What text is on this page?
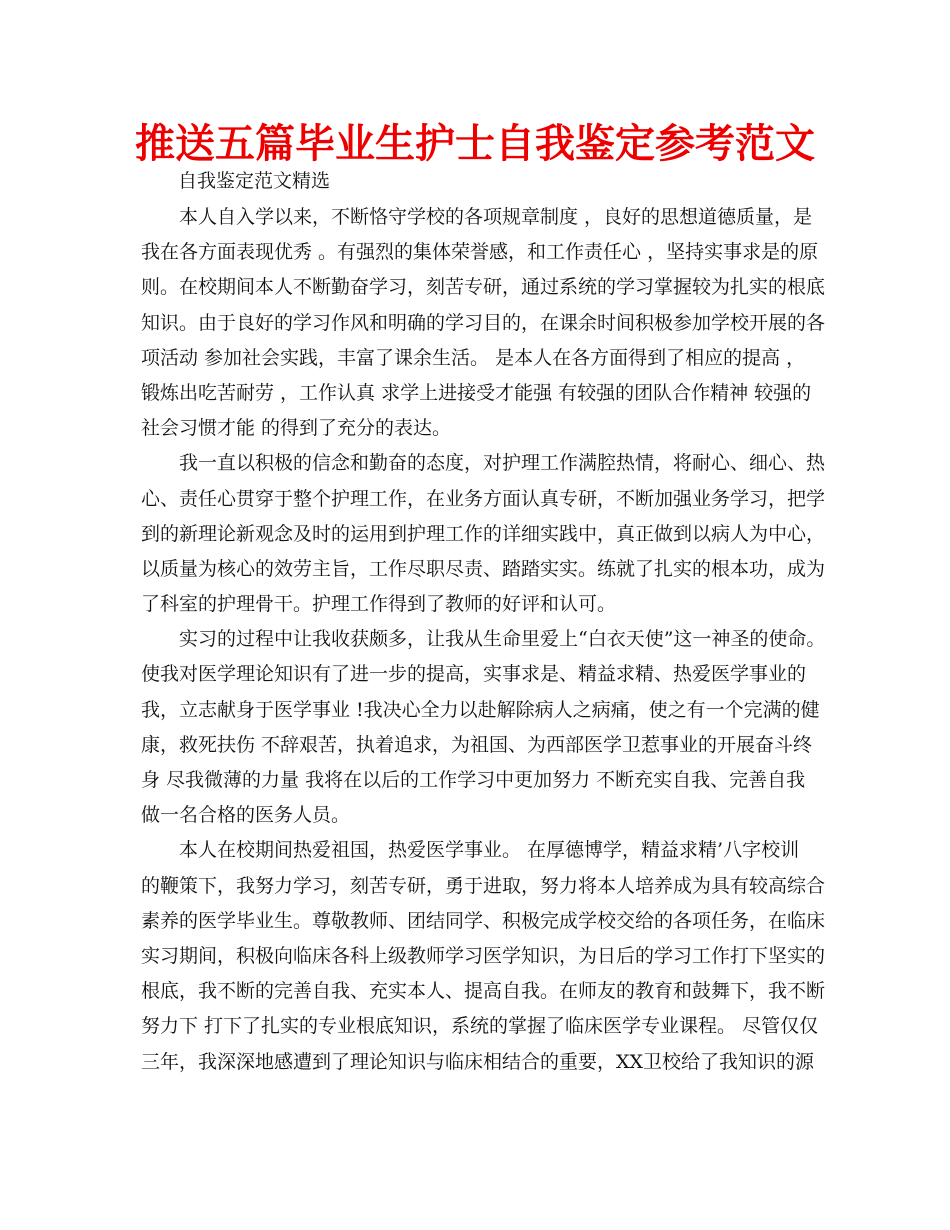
推送五篇毕业生护士自我鉴定参考范文
自我鉴定范文精选
本人自入学以来，不断恪守学校的各项规章制度 ，良好的思想道德质量，是
我在各方面表现优秀 。有强烈的集体荣誉感，和工作责任心 ，坚持实事求是的原
则。在校期间本人不断勤奋学习，刻苦专研，通过系统的学习掌握较为扎实的根底
知识。由于良好的学习作风和明确的学习目的，在课余时间积极参加学校开展的各
项活动 参加社会实践，丰富了课余生活。 是本人在各方面得到了相应的提高 ，
锻炼出吃苦耐劳 ，工作认真 求学上进接受才能强 有较强的团队合作精神 较强的
社会习惯才能 的得到了充分的表达。
我一直以积极的信念和勤奋的态度，对护理工作满腔热情，将耐心、细心、热
心、责任心贯穿于整个护理工作，在业务方面认真专研，不断加强业务学习，把学
到的新理论新观念及时的运用到护理工作的详细实践中，真正做到以病人为中心，
以质量为核心的效劳主旨，工作尽职尽责、踏踏实实。练就了扎实的根本功，成为
了科室的护理骨干。护理工作得到了教师的好评和认可。
实习的过程中让我收获颇多，让我从生命里爱上“白衣天使”这一神圣的使命。
使我对医学理论知识有了进一步的提高，实事求是、精益求精、热爱医学事业的
我，立志献身于医学事业 !我决心全力以赴解除病人之病痛，使之有一个完满的健
康，救死扶伤 不辞艰苦，执着追求，为祖国、为西部医学卫惹事业的开展奋斗终
身 尽我微薄的力量 我将在以后的工作学习中更加努力 不断充实自我、完善自我
做一名合格的医务人员。
本人在校期间热爱祖国，热爱医学事业。 在厚德博学，精益求精’八字校训
的鞭策下，我努力学习，刻苦专研，勇于进取，努力将本人培养成为具有较高综合
素养的医学毕业生。尊敬教师、团结同学、积极完成学校交给的各项任务，在临床
实习期间，积极向临床各科上级教师学习医学知识，为日后的学习工作打下坚实的
根底，我不断的完善自我、充实本人、提高自我。在师友的教育和鼓舞下，我不断
努力下 打下了扎实的专业根底知识，系统的掌握了临床医学专业课程。 尽管仅仅
三年，我深深地感遭到了理论知识与临床相结合的重要，XX卫校给了我知识的源
